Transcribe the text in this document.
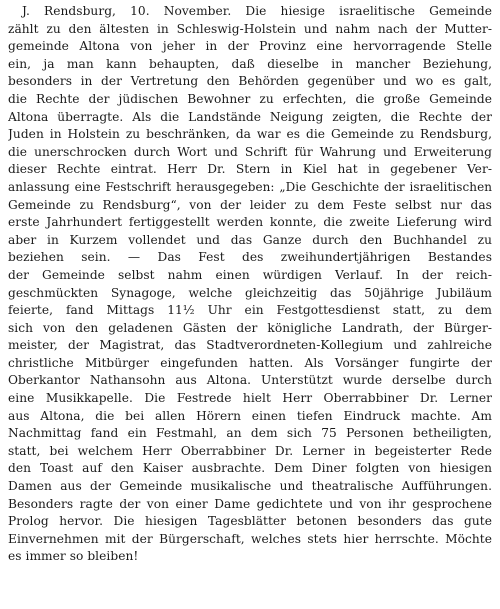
J. Rendsburg, 10. November. Die hiesige israelitische Gemeinde
zählt zu den ältesten in Schleswig-Holstein und nahm nach der Mutter-
gemeinde Altona von jeher in der Provinz eine hervorragende Stelle
ein, ja man kann behaupten, daß dieselbe in mancher Beziehung,
besonders in der Vertretung den Behörden gegenüber und wo es galt,
die Rechte der jüdischen Bewohner zu erfechten, die große Gemeinde
Altona überragte. Als die Landstände Neigung zeigten, die Rechte der
Juden in Holstein zu beschränken, da war es die Gemeinde zu Rendsburg,
die unerschrocken durch Wort und Schrift für Wahrung und Erweiterung
dieser Rechte eintrat. Herr Dr. Stern in Kiel hat in gegebener Ver-
anlassung eine Festschrift herausgegeben: „Die Geschichte der israelitischen
Gemeinde zu Rendsburg“, von der leider zu dem Feste selbst nur das
erste Jahrhundert fertiggestellt werden konnte, die zweite Lieferung wird
aber in Kurzem vollendet und das Ganze durch den Buchhandel zu
beziehen sein. — Das Fest des zweihundertjährigen Bestandes
der Gemeinde selbst nahm einen würdigen Verlauf. In der reich-
geschmückten Synagoge, welche gleichzeitig das 50jährige Jubiläum
feierte, fand Mittags 11½ Uhr ein Festgottesdienst statt, zu dem
sich von den geladenen Gästen der königliche Landrath, der Bürger-
meister, der Magistrat, das Stadtverordneten-Kollegium und zahlreiche
christliche Mitbürger eingefunden hatten. Als Vorsänger fungirte der
Oberkantor Nathansohn aus Altona. Unterstützt wurde derselbe durch
eine Musikkapelle. Die Festrede hielt Herr Oberrabbiner Dr. Lerner
aus Altona, die bei allen Hörern einen tiefen Eindruck machte. Am
Nachmittag fand ein Festmahl, an dem sich 75 Personen betheiligten,
statt, bei welchem Herr Oberrabbiner Dr. Lerner in begeisterter Rede
den Toast auf den Kaiser ausbrachte. Dem Diner folgten von hiesigen
Damen aus der Gemeinde musikalische und theatralische Aufführungen.
Besonders ragte der von einer Dame gedichtete und von ihr gesprochene
Prolog hervor. Die hiesigen Tagesblätter betonen besonders das gute
Einvernehmen mit der Bürgerschaft, welches stets hier herrschte. Möchte
es immer so bleiben!
